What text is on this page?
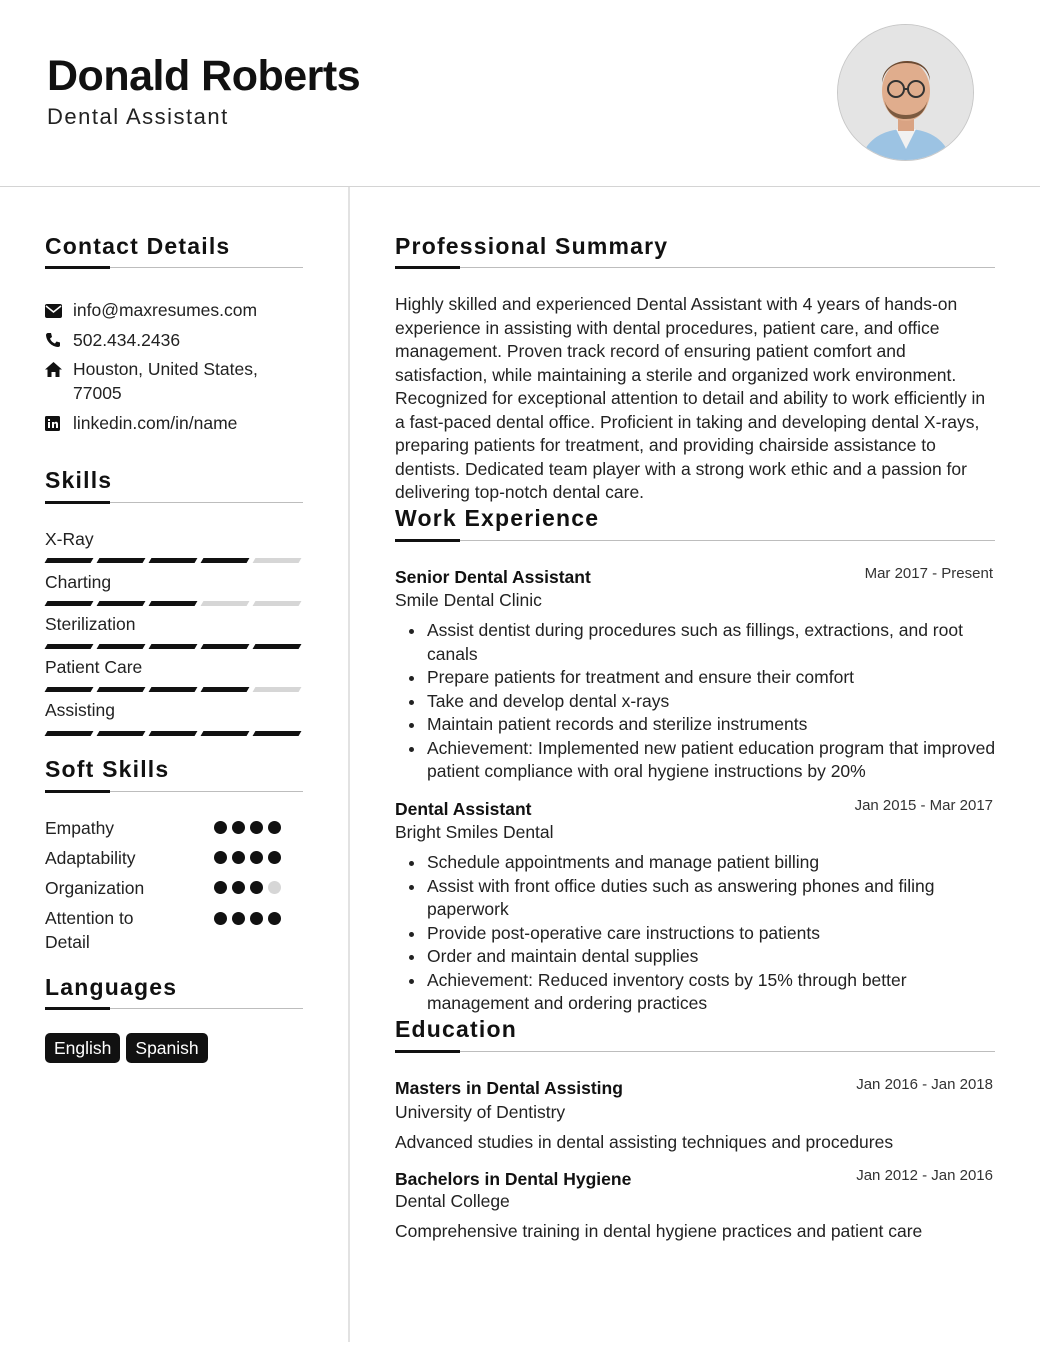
Donald Roberts
Dental Assistant
Contact Details
info@maxresumes.com
502.434.2436
Houston, United States, 77005
linkedin.com/in/name
Skills
X-Ray
Charting
Sterilization
Patient Care
Assisting
Soft Skills
Empathy
Adaptability
Organization
Attention to Detail
Languages
English	Spanish
Professional Summary
Highly skilled and experienced Dental Assistant with 4 years of hands-on experience in assisting with dental procedures, patient care, and office management. Proven track record of ensuring patient comfort and satisfaction, while maintaining a sterile and organized work environment. Recognized for exceptional attention to detail and ability to work efficiently in a fast-paced dental office. Proficient in taking and developing dental X-rays, preparing patients for treatment, and providing chairside assistance to dentists. Dedicated team player with a strong work ethic and a passion for delivering top-notch dental care.
Work Experience
Senior Dental Assistant	Mar 2017 - Present
Smile Dental Clinic
Assist dentist during procedures such as fillings, extractions, and root canals
Prepare patients for treatment and ensure their comfort
Take and develop dental x-rays
Maintain patient records and sterilize instruments
Achievement: Implemented new patient education program that improved patient compliance with oral hygiene instructions by 20%
Dental Assistant	Jan 2015 - Mar 2017
Bright Smiles Dental
Schedule appointments and manage patient billing
Assist with front office duties such as answering phones and filing paperwork
Provide post-operative care instructions to patients
Order and maintain dental supplies
Achievement: Reduced inventory costs by 15% through better management and ordering practices
Education
Masters in Dental Assisting	Jan 2016 - Jan 2018
University of Dentistry
Advanced studies in dental assisting techniques and procedures
Bachelors in Dental Hygiene	Jan 2012 - Jan 2016
Dental College
Comprehensive training in dental hygiene practices and patient care
